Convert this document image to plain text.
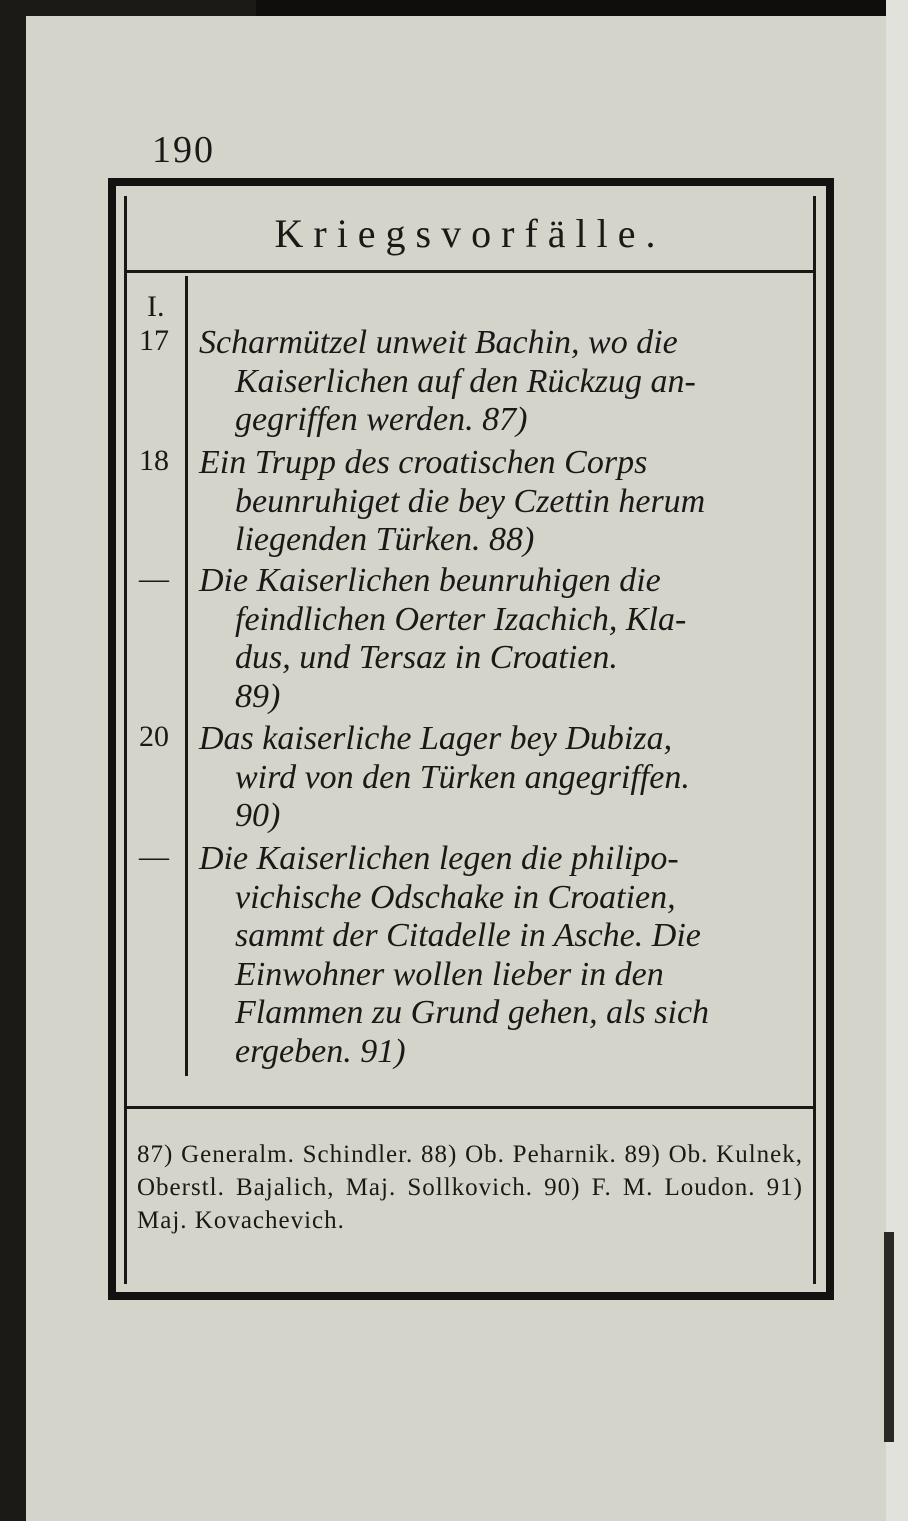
190
Kriegsvorfälle.
I.
17 Scharmützel unweit Bachin, wo die
Kaiserlichen auf den Rückzug an-
gegriffen werden. 87)
18 Ein Trupp des croatischen Corps
beunruhiget die bey Czettin herum
liegenden Türken. 88)
— Die Kaiserlichen beunruhigen die
feindlichen Oerter Izachich, Kla-
dus, und Tersaz in Croatien.
89)
20 Das kaiserliche Lager bey Dubiza,
wird von den Türken angegriffen.
90)
— Die Kaiserlichen legen die philipo-
vichische Odschake in Croatien,
sammt der Citadelle in Asche. Die
Einwohner wollen lieber in den
Flammen zu Grund gehen, als sich
ergeben. 91)
87) Generalm. Schindler. 88) Ob. Peharnik. 89) Ob. Kulnek, Oberstl. Bajalich, Maj. Sollkovich. 90) F. M. Loudon. 91) Maj. Kovachevich.
